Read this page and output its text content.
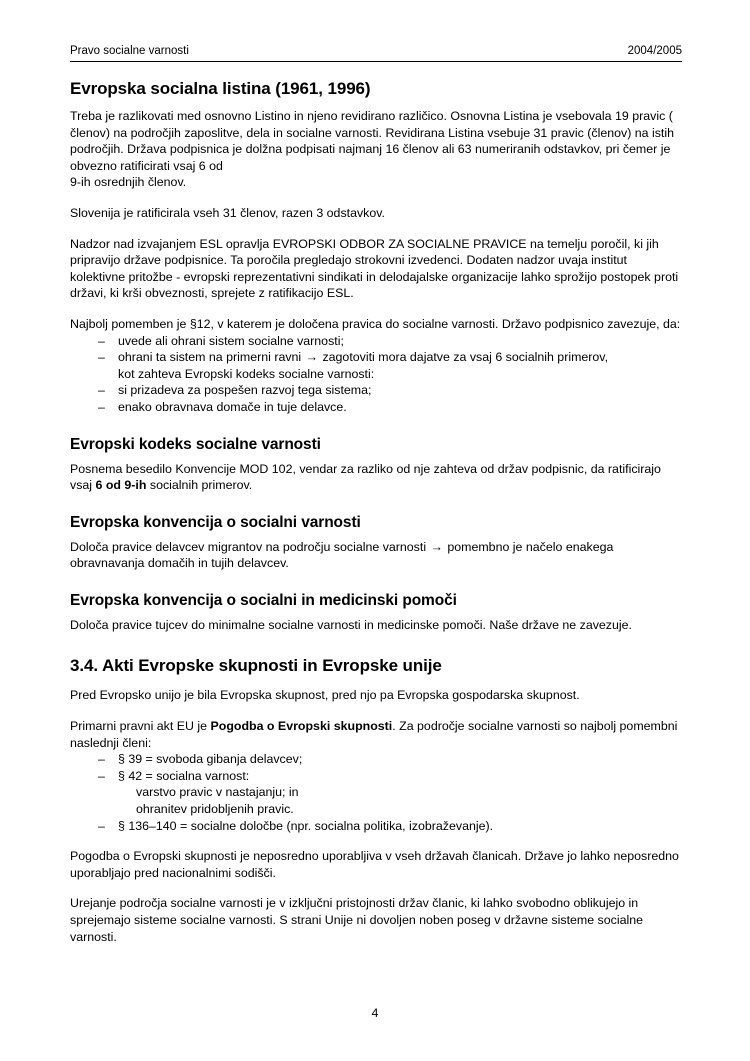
Pravo socialne varnosti	2004/2005
Evropska socialna listina (1961, 1996)

Treba je razlikovati med osnovno Listino in njeno revidirano različico. Osnovna Listina je vsebovala 19 pravic ( členov) na področjih zaposlitve, dela in socialne varnosti. Revidirana Listina vsebuje 31 pravic (členov) na istih področjih. Država podpisnica je dolžna podpisati najmanj 16 členov ali 63 numeriranih odstavkov, pri čemer je obvezno ratificirati vsaj 6 od

9-ih osrednjih členov.

Slovenija je ratificirala vseh 31 členov, razen 3 odstavkov.

Nadzor nad izvajanjem ESL opravlja EVROPSKI ODBOR ZA SOCIALNE PRAVICE na temelju poročil, ki jih pripravijo države podpisnice. Ta poročila pregledajo strokovni izvedenci. Dodaten nadzor uvaja institut kolektivne pritožbe - evropski reprezentativni sindikati in delodajalske organizacije lahko sprožijo postopek proti državi, ki krši obveznosti, sprejete z ratifikacijo ESL.

Najbolj pomemben je §12, v katerem je določena pravica do socialne varnosti. Državo podpisnico zavezuje, da:

– uvede ali ohrani sistem socialne varnosti;
– ohrani ta sistem na primerni ravni → zagotoviti mora dajatve za vsaj 6 socialnih primerov,
kot zahteva Evropski kodeks socialne varnosti:
– si prizadeva za pospešen razvoj tega sistema;
– enako obravnava domače in tuje delavce.
Evropski kodeks socialne varnosti

Posnema besedilo Konvencije MOD 102, vendar za razliko od nje zahteva od držav podpisnic, da ratificirajo vsaj 6 od 9-ih socialnih primerov.

Evropska konvencija o socialni varnosti

Določa pravice delavcev migrantov na področju socialne varnosti → pomembno je načelo enakega obravnavanja domačih in tujih delavcev.

Evropska konvencija o socialni in medicinski pomoči

Določa pravice tujcev do minimalne socialne varnosti in medicinske pomoči. Naše države ne zavezuje.

3.4. Akti Evropske skupnosti in Evropske unije

Pred Evropsko unijo je bila Evropska skupnost, pred njo pa Evropska gospodarska skupnost.

Primarni pravni akt EU je Pogodba o Evropski skupnosti. Za področje socialne varnosti so najbolj pomembni naslednji členi:

– § 39 = svoboda gibanja delavcev;
– § 42 = socialna varnost:
varstvo pravic v nastajanju; in
ohranitev pridobljenih pravic.
– § 136–140 = socialne določbe (npr. socialna politika, izobraževanje).

Pogodba o Evropski skupnosti je neposredno uporabljiva v vseh državah članicah. Države jo lahko neposredno uporabljajo pred nacionalnimi sodišči.

Urejanje področja socialne varnosti je v izključni pristojnosti držav članic, ki lahko svobodno oblikujejo in sprejemajo sisteme socialne varnosti. S strani Unije ni dovoljen noben poseg v državne sisteme socialne varnosti.

4
